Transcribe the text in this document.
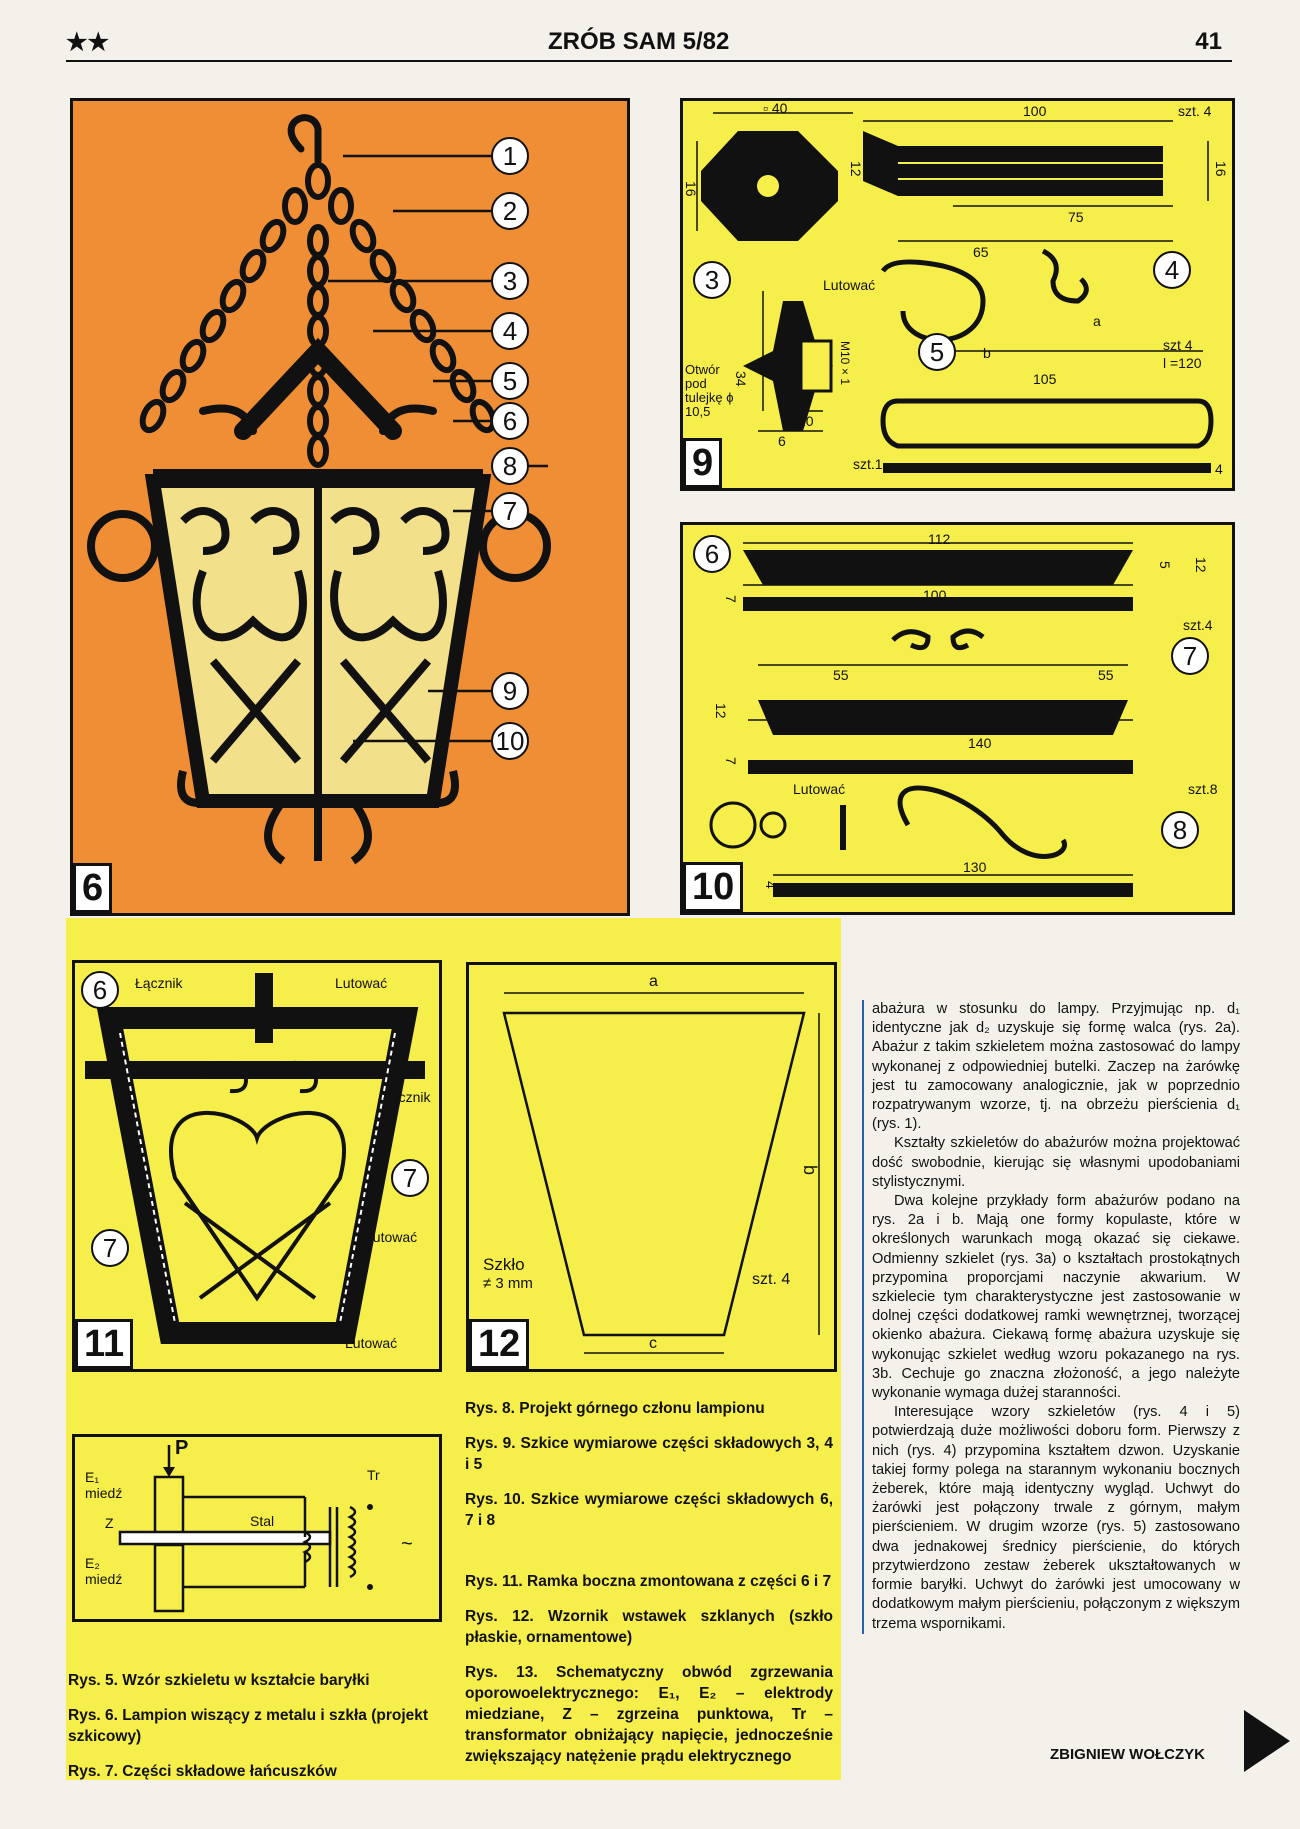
★★	ZRÓB SAM 5/82	41
1
2
3
4
5
6
8
7
9
10
6
9
▫ 40
16
100	szt. 4
12	16
75
a
b
c
65
4
3	Lutować
Otwór pod tulejkę ϕ 10,5
34	M10×1
10
6
szt.1
5
a
b	szt 4
l =120
105
4
10
6	112
5 12
100
7
szt.4
7
55	55
12
140
7
Lutować	szt.8
8
130
4
11
6	Łącznik	Lutować
Łącznik
7
7	Lutować
Lutować 12
a
b
c
Szkło
≠ 3 mm	szt. 4
P
E₁
miedź
Z	Stal
E₂
miedź
Tr
~

Rys. 5. Wzór szkieletu w kształcie baryłki

Rys. 6. Lampion wiszący z metalu i szkła (projekt szkicowy)

Rys. 7. Części składowe łańcuszków

Rys. 8. Projekt górnego członu lampionu

Rys. 9. Szkice wymiarowe części składowych 3, 4 i 5

Rys. 10. Szkice wymiarowe części składowych 6, 7 i 8

Rys. 11. Ramka boczna zmontowana z części 6 i 7

Rys. 12. Wzornik wstawek szklanych (szkło płaskie, ornamentowe)

Rys. 13. Schematyczny obwód zgrzewania oporowoelektrycznego: E₁, E₂ – elektrody miedziane, Z – zgrzeina punktowa, Tr – transformator obniżający napięcie, jednocześnie zwiększający natężenie prądu elektrycznego

abażura w stosunku do lampy. Przyjmując np. d₁ identyczne jak d₂ uzyskuje się formę walca (rys. 2a). Abażur z takim szkieletem można zastosować do lampy wykonanej z odpowiedniej butelki. Zaczep na żarówkę jest tu zamocowany analogicznie, jak w poprzednio rozpatrywanym wzorze, tj. na obrzeżu pierścienia d₁ (rys. 1).

Kształty szkieletów do abażurów można projektować dość swobodnie, kierując się własnymi upodobaniami stylistycznymi.

Dwa kolejne przykłady form abażurów podano na rys. 2a i b. Mają one formy kopulaste, które w określonych warunkach mogą okazać się ciekawe. Odmienny szkielet (rys. 3a) o kształtach prostokątnych przypomina proporcjami naczynie akwarium. W szkielecie tym charakterystyczne jest zastosowanie w dolnej części dodatkowej ramki wewnętrznej, tworzącej okienko abażura. Ciekawą formę abażura uzyskuje się wykonując szkielet według wzoru pokazanego na rys. 3b. Cechuje go znaczna złożoność, a jego należyte wykonanie wymaga dużej staranności.

Interesujące wzory szkieletów (rys. 4 i 5) potwierdzają duże możliwości doboru form. Pierwszy z nich (rys. 4) przypomina kształtem dzwon. Uzyskanie takiej formy polega na starannym wykonaniu bocznych żeberek, które mają identyczny wygląd. Uchwyt do żarówki jest połączony trwale z górnym, małym pierścieniem. W drugim wzorze (rys. 5) zastosowano dwa jednakowej średnicy pierścienie, do których przytwierdzono zestaw żeberek ukształtowanych w formie baryłki. Uchwyt do żarówki jest umocowany w dodatkowym małym pierścieniu, połączonym z większym trzema wspornikami.

ZBIGNIEW WOŁCZYK
